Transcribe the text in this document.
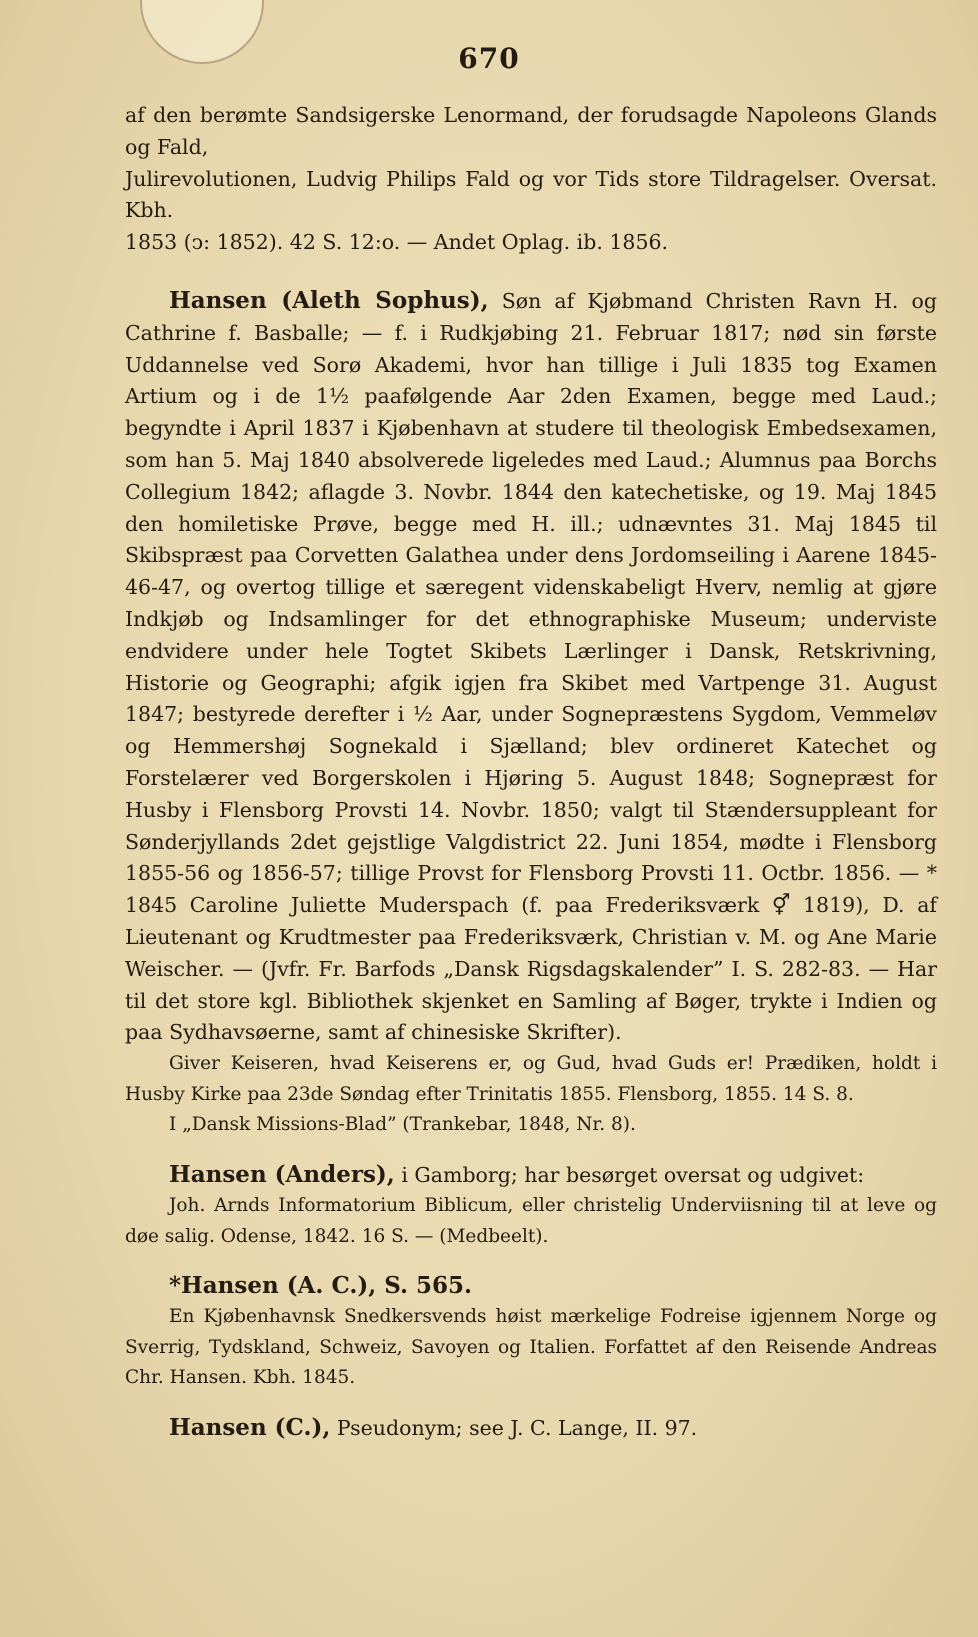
670

af den berømte Sandsigerske Lenormand, der forudsagde Napoleons Glands og Fald,

Julirevolutionen, Ludvig Philips Fald og vor Tids store Tildragelser. Oversat. Kbh.

1853 (ↄ: 1852). 42 S. 12:o. — Andet Oplag. ib. 1856.

Hansen (Aleth Sophus), Søn af Kjøbmand Christen Ravn H. og Cathrine f. Basballe; — f. i Rudkjøbing 21. Februar 1817; nød sin første Uddannelse ved Sorø Akademi, hvor han tillige i Juli 1835 tog Examen Artium og i de 1½ paafølgende Aar 2den Examen, begge med Laud.; begyndte i April 1837 i Kjøbenhavn at studere til theologisk Embedsexamen, som han 5. Maj 1840 absolverede ligeledes med Laud.; Alumnus paa Borchs Collegium 1842; aflagde 3. Novbr. 1844 den katechetiske, og 19. Maj 1845 den homiletiske Prøve, begge med H. ill.; udnævntes 31. Maj 1845 til Skibspræst paa Corvetten Galathea under dens Jordomseiling i Aarene 1845-46-47, og overtog tillige et særegent videnskabeligt Hverv, nemlig at gjøre Indkjøb og Indsamlinger for det ethnographiske Museum; underviste endvidere under hele Togtet Skibets Lærlinger i Dansk, Retskrivning, Historie og Geographi; afgik igjen fra Skibet med Vartpenge 31. August 1847; bestyrede derefter i ½ Aar, under Sognepræstens Sygdom, Vemmeløv og Hemmershøj Sognekald i Sjælland; blev ordineret Katechet og Forstelærer ved Borgerskolen i Hjøring 5. August 1848; Sognepræst for Husby i Flensborg Provsti 14. Novbr. 1850; valgt til Stændersuppleant for Sønderjyllands 2det gejstlige Valgdistrict 22. Juni 1854, mødte i Flensborg 1855-56 og 1856-57; tillige Provst for Flensborg Provsti 11. Octbr. 1856. — * 1845 Caroline Juliette Muderspach (f. paa Frederiksværk ⚥ 1819), D. af Lieutenant og Krudtmester paa Frederiksværk, Christian v. M. og Ane Marie Weischer. — (Jvfr. Fr. Barfods „Dansk Rigsdagskalender” I. S. 282-83. — Har til det store kgl. Bibliothek skjenket en Samling af Bøger, trykte i Indien og paa Sydhavsøerne, samt af chinesiske Skrifter).

Giver Keiseren, hvad Keiserens er, og Gud, hvad Guds er! Prædiken, holdt i Husby Kirke paa 23de Søndag efter Trinitatis 1855. Flensborg, 1855. 14 S. 8.

I „Dansk Missions-Blad” (Trankebar, 1848, Nr. 8).

Hansen (Anders), i Gamborg; har besørget oversat og udgivet:

Joh. Arnds Informatorium Biblicum, eller christelig Underviisning til at leve og døe salig. Odense, 1842. 16 S. — (Medbeelt).

*Hansen (A. C.), S. 565.

En Kjøbenhavnsk Snedkersvends høist mærkelige Fodreise igjennem Norge og Sverrig, Tydskland, Schweiz, Savoyen og Italien. Forfattet af den Reisende Andreas Chr. Hansen. Kbh. 1845.

Hansen (C.), Pseudonym; see J. C. Lange, II. 97.
